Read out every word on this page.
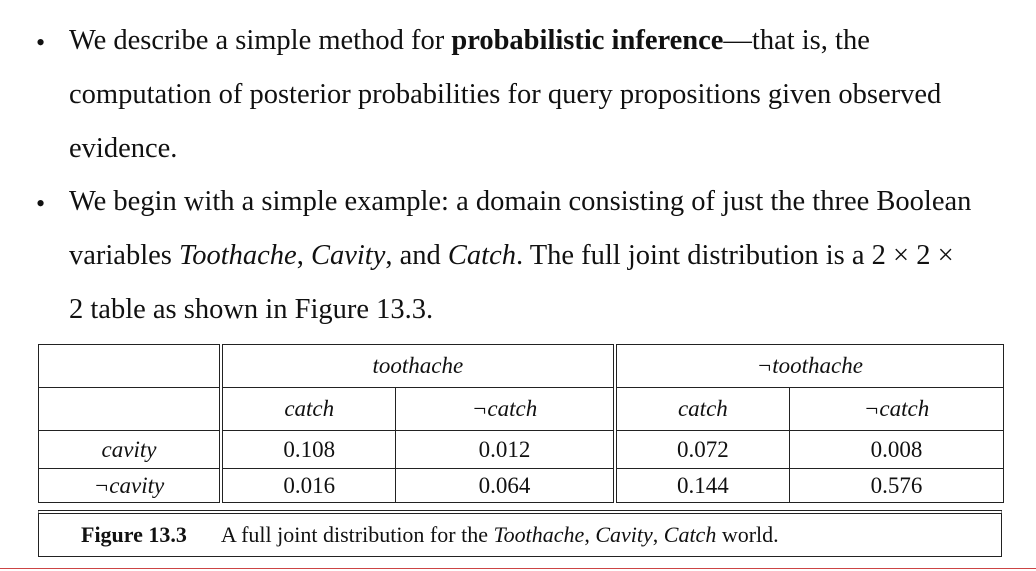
• We describe a simple method for probabilistic inference—that is, the
computation of posterior probabilities for query propositions given observed
evidence.
• We begin with a simple example: a domain consisting of just the three Boolean
variables Toothache, Cavity, and Catch. The full joint distribution is a 2 × 2 ×
2 table as shown in Figure 13.3.
	toothache		¬toothache	
	catch	¬catch	catch	¬catch
cavity	0.108	0.012	0.072	0.008
¬cavity	0.016	0.064	0.144	0.576
Figure 13.3 A full joint distribution for the Toothache, Cavity, Catch world.
